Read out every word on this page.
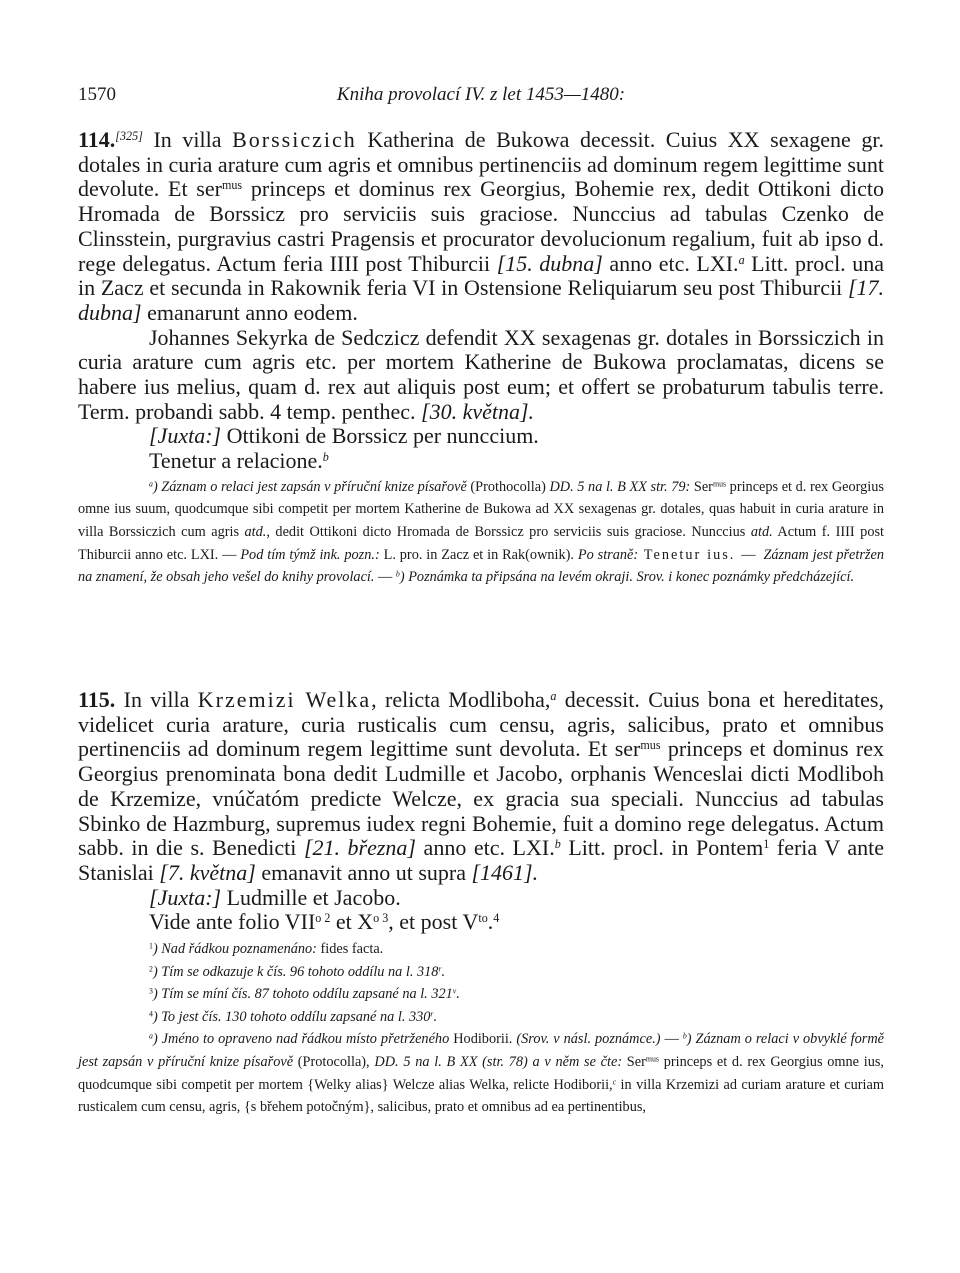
1570	Kniha provolací IV. z let 1453—1480:

114.[325] In villa Borssiczich Katherina de Bukowa decessit. Cuius XX sexagene gr. dotales in curia arature cum agris et omnibus pertinenciis ad dominum regem legittime sunt devolute. Et ser$^{mus}$ princeps et dominus rex Georgius, Bohemie rex, dedit Ottikoni dicto Hromada de Borssicz pro serviciis suis graciose. Nunccius ad tabulas Czenko de Clinsstein, purgravius castri Pragensis et procurator devolucionum regalium, fuit ab ipso d. rege delegatus. Actum feria IIII post Thiburcii [15. dubna] anno etc. LXI.$^a$ Litt. procl. una in Zacz et secunda in Rakownik feria VI in Ostensione Reliquiarum seu post Thiburcii [17. dubna] emanarunt anno eodem.

Johannes Sekyrka de Sedczicz defendit XX sexagenas gr. dotales in Borssiczich in curia arature cum agris etc. per mortem Katherine de Bukowa proclamatas, dicens se habere ius melius, quam d. rex aut aliquis post eum; et offert se probaturum tabulis terre. Term. probandi sabb. 4 temp. penthec. [30. května].

[Juxta:] Ottikoni de Borssicz per nunccium.

Tenetur a relacione.$^b$

$^a$) Záznam o relaci jest zapsán v příruční knize písařově (Prothocolla) DD. 5 na l. B XX str. 79: Ser$^{mus}$ princeps et d. rex Georgius omne ius suum, quodcumque sibi competit per mortem Katherine de Bukowa ad XX sexagenas gr. dotales, quas habuit in curia arature in villa Borssiczich cum agris atd., dedit Ottikoni dicto Hromada de Borssicz pro serviciis suis graciose. Nunccius atd. Actum f. IIII post Thiburcii anno etc. LXI. — Pod tím týmž ink. pozn.: L. pro. in Zacz et in Rak(ownik). Po straně: Tenetur ius. — Záznam jest přetržen na znamení, že obsah jeho vešel do knihy provolací. — $^b$) Poznámka ta připsána na levém okraji. Srov. i konec poznámky předcházející.

115. In villa Krzemizi Welka, relicta Modliboha,$^a$ decessit. Cuius bona et hereditates, videlicet curia arature, curia rusticalis cum censu, agris, salicibus, prato et omnibus pertinenciis ad dominum regem legittime sunt devoluta. Et ser$^{mus}$ princeps et dominus rex Georgius prenominata bona dedit Ludmille et Jacobo, orphanis Wenceslai dicti Modliboh de Krzemize, vnúčatóm predicte Welcze, ex gracia sua speciali. Nunccius ad tabulas Sbinko de Hazmburg, supremus iudex regni Bohemie, fuit a domino rege delegatus. Actum sabb. in die s. Benedicti [21. března] anno etc. LXI.$^b$ Litt. procl. in Pontem$^1$ feria V ante Stanislai [7. května] emanavit anno ut supra [1461].

[Juxta:] Ludmille et Jacobo.

Vide ante folio $VII^{o 2}$ et $X^{o 3}$, et post $V^{to}.^4$

$^1$) Nad řádkou poznamenáno: fides facta.

$^2$) Tím se odkazuje k čís. 96 tohoto oddílu na l. 318$^r$.

$^3$) Tím se míní čís. 87 tohoto oddílu zapsané na l. 321$^v$.

$^4$) To jest čís. 130 tohoto oddílu zapsané na l. 330$^r$.

$^a$) Jméno to opraveno nad řádkou místo přetrženého Hodiborii. (Srov. v násl. poznámce.) — $^b$) Záznam o relaci v obvyklé formě jest zapsán v příruční knize písařově (Protocolla), DD. 5 na l. B XX (str. 78) a v něm se čte: Ser$^{mus}$ princeps et d. rex Georgius omne ius, quodcumque sibi competit per mortem {Welky alias} Welcze alias Welka, relicte Hodiborii,$^c$ in villa Krzemizi ad curiam arature et curiam rusticalem cum censu, agris, {s břehem potočným}, salicibus, prato et omnibus ad ea pertinentibus,
